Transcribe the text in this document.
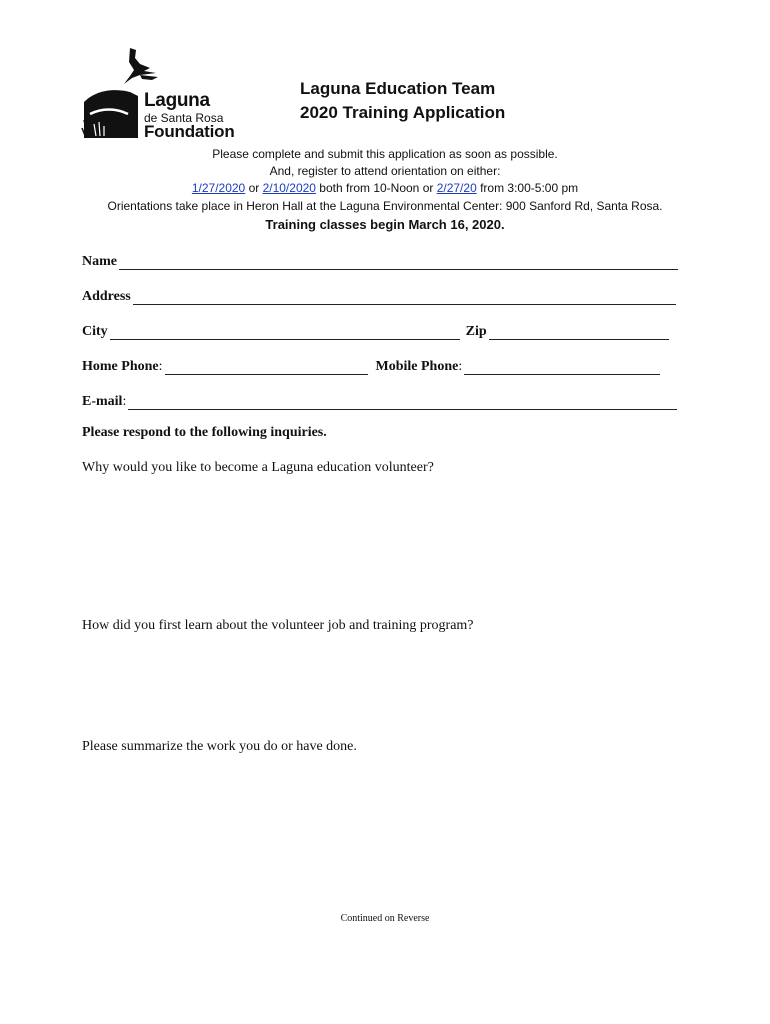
Laguna
de Santa Rosa
Foundation
Laguna Education Team
2020 Training Application
Please complete and submit this application as soon as possible.
And, register to attend orientation on either:
1/27/2020 or 2/10/2020 both from 10-Noon or 2/27/20 from 3:00-5:00 pm
Orientations take place in Heron Hall at the Laguna Environmental Center: 900 Sanford Rd, Santa Rosa.
Training classes begin March 16, 2020.
Name
Address
City	Zip
Home Phone :	Mobile Phone :
E-mail :
Please respond to the following inquiries.
Why would you like to become a Laguna education volunteer?
How did you first learn about the volunteer job and training program?
Please summarize the work you do or have done.
Continued on Reverse
